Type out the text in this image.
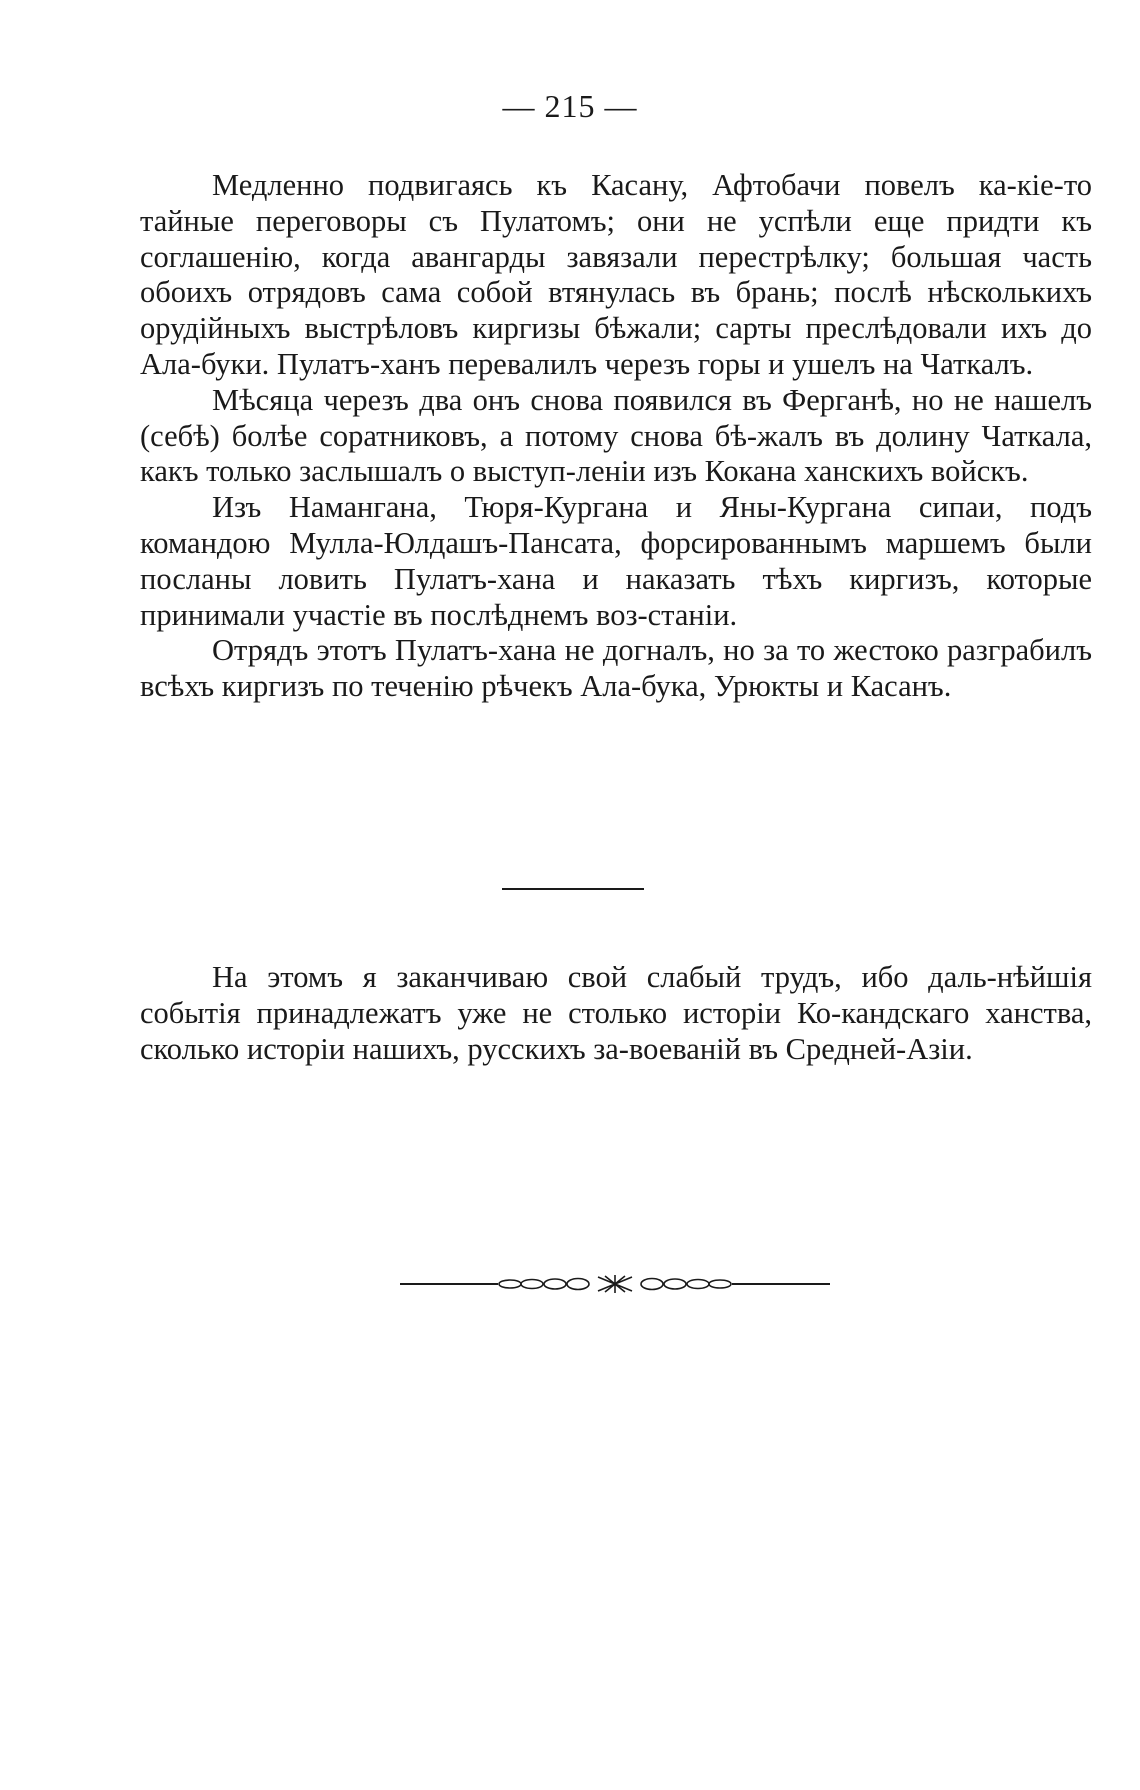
— 215 —

Медленно подвигаясь къ Касану, Афтобачи повелъ ка-кіе-то тайные переговоры съ Пулатомъ; они не успѣли еще придти къ соглашенію, когда авангарды завязали перестрѣлку; большая часть обоихъ отрядовъ сама собой втянулась въ брань; послѣ нѣсколькихъ орудійныхъ выстрѣловъ киргизы бѣжали; сарты преслѣдовали ихъ до Ала-буки. Пулатъ-ханъ перевалилъ черезъ горы и ушелъ на Чаткалъ.

Мѣсяца черезъ два онъ снова появился въ Ферганѣ, но не нашелъ (себѣ) болѣе соратниковъ, а потому снова бѣ-жалъ въ долину Чаткала, какъ только заслышалъ о выступ-леніи изъ Кокана ханскихъ войскъ.

Изъ Намангана, Тюря-Кургана и Яны-Кургана сипаи, подъ командою Мулла-Юлдашъ-Пансата, форсированнымъ маршемъ были посланы ловить Пулатъ-хана и наказать тѣхъ киргизъ, которые принимали участіе въ послѣднемъ воз-станіи.

Отрядъ этотъ Пулатъ-хана не догналъ, но за то жестоко разграбилъ всѣхъ киргизъ по теченію рѣчекъ Ала-бука, Урюкты и Касанъ.

На этомъ я заканчиваю свой слабый трудъ, ибо даль-нѣйшія событія принадлежатъ уже не столько исторіи Ко-кандскаго ханства, сколько исторіи нашихъ, русскихъ за-воеваній въ Средней-Азіи.
